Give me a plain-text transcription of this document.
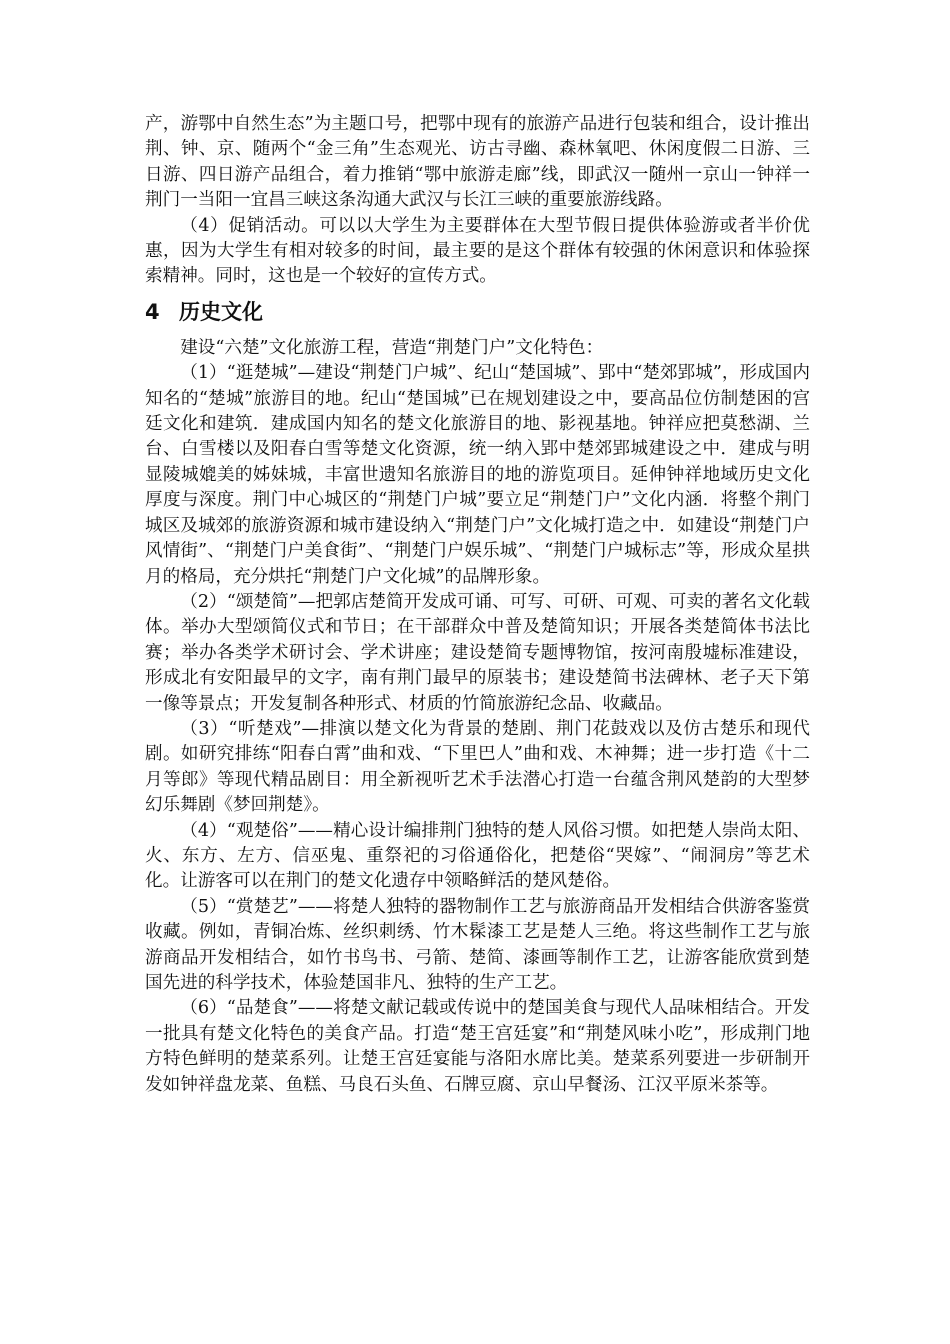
产，游鄂中自然生态”为主题口号，把鄂中现有的旅游产品进行包装和组合，设计推出荆、钟、京、随两个“金三角”生态观光、访古寻幽、森林氧吧、休闲度假二日游、三日游、四日游产品组合，着力推销“鄂中旅游走廊”线，即武汉一随州一京山一钟祥一荆门一当阳一宜昌三峡这条沟通大武汉与长江三峡的重要旅游线路。

（4）促销活动。可以以大学生为主要群体在大型节假日提供体验游或者半价优惠，因为大学生有相对较多的时间，最主要的是这个群体有较强的休闲意识和体验探索精神。同时，这也是一个较好的宣传方式。

4 历史文化

建设“六楚”文化旅游工程，营造“荆楚门户”文化特色：

（1）“逛楚城”—建设“荆楚门户城”、纪山“楚国城”、郢中“楚郊郢城”，形成国内知名的“楚城”旅游目的地。纪山“楚国城”已在规划建设之中，要高品位仿制楚困的宫廷文化和建筑．建成国内知名的楚文化旅游目的地、影视基地。钟祥应把莫愁湖、兰台、白雪楼以及阳春白雪等楚文化资源，统一纳入郢中楚郊郢城建设之中．建成与明显陵城媲美的姊妹城，丰富世遗知名旅游目的地的游览项目。延伸钟祥地域历史文化厚度与深度。荆门中心城区的“荆楚门户城”要立足“荆楚门户”文化内涵．将整个荆门城区及城郊的旅游资源和城市建设纳入“荆楚门户”文化城打造之中．如建设“荆楚门户风情街”、“荆楚门户美食街”、“荆楚门户娱乐城”、“荆楚门户城标志”等，形成众星拱月的格局，充分烘托“荆楚门户文化城”的品牌形象。

（2）“颂楚简”—把郭店楚简开发成可诵、可写、可研、可观、可卖的著名文化载体。举办大型颂简仪式和节日；在干部群众中普及楚简知识；开展各类楚简体书法比赛；举办各类学术研讨会、学术讲座；建设楚简专题博物馆，按河南殷墟标准建设，形成北有安阳最早的文字，南有荆门最早的原装书；建设楚简书法碑林、老子天下第一像等景点；开发复制各种形式、材质的竹简旅游纪念品、收藏品。

（3）“听楚戏”—排演以楚文化为背景的楚剧、荆门花鼓戏以及仿古楚乐和现代剧。如研究排练“阳春白霄”曲和戏、“下里巴人”曲和戏、木神舞；进一步打造《十二月等郎》等现代精品剧目：用全新视听艺术手法潜心打造一台蕴含荆风楚韵的大型梦幻乐舞剧《梦回荆楚》。

（4）“观楚俗”——精心设计编排荆门独特的楚人风俗习惯。如把楚人崇尚太阳、火、东方、左方、信巫鬼、重祭祀的习俗通俗化，把楚俗“哭嫁”、“闹洞房”等艺术化。让游客可以在荆门的楚文化遗存中领略鲜活的楚风楚俗。

（5）“赏楚艺”——将楚人独特的器物制作工艺与旅游商品开发相结合供游客鉴赏收藏。例如，青铜冶炼、丝织刺绣、竹木髹漆工艺是楚人三绝。将这些制作工艺与旅游商品开发相结合，如竹书鸟书、弓箭、楚简、漆画等制作工艺，让游客能欣赏到楚国先进的科学技术，体验楚国非凡、独特的生产工艺。

（6）“品楚食”——将楚文献记载或传说中的楚国美食与现代人品味相结合。开发一批具有楚文化特色的美食产品。打造“楚王宫廷宴”和“荆楚风味小吃”，形成荆门地方特色鲜明的楚菜系列。让楚王宫廷宴能与洛阳水席比美。楚菜系列要进一步研制开发如钟祥盘龙菜、鱼糕、马良石头鱼、石牌豆腐、京山早餐汤、江汉平原米茶等。
